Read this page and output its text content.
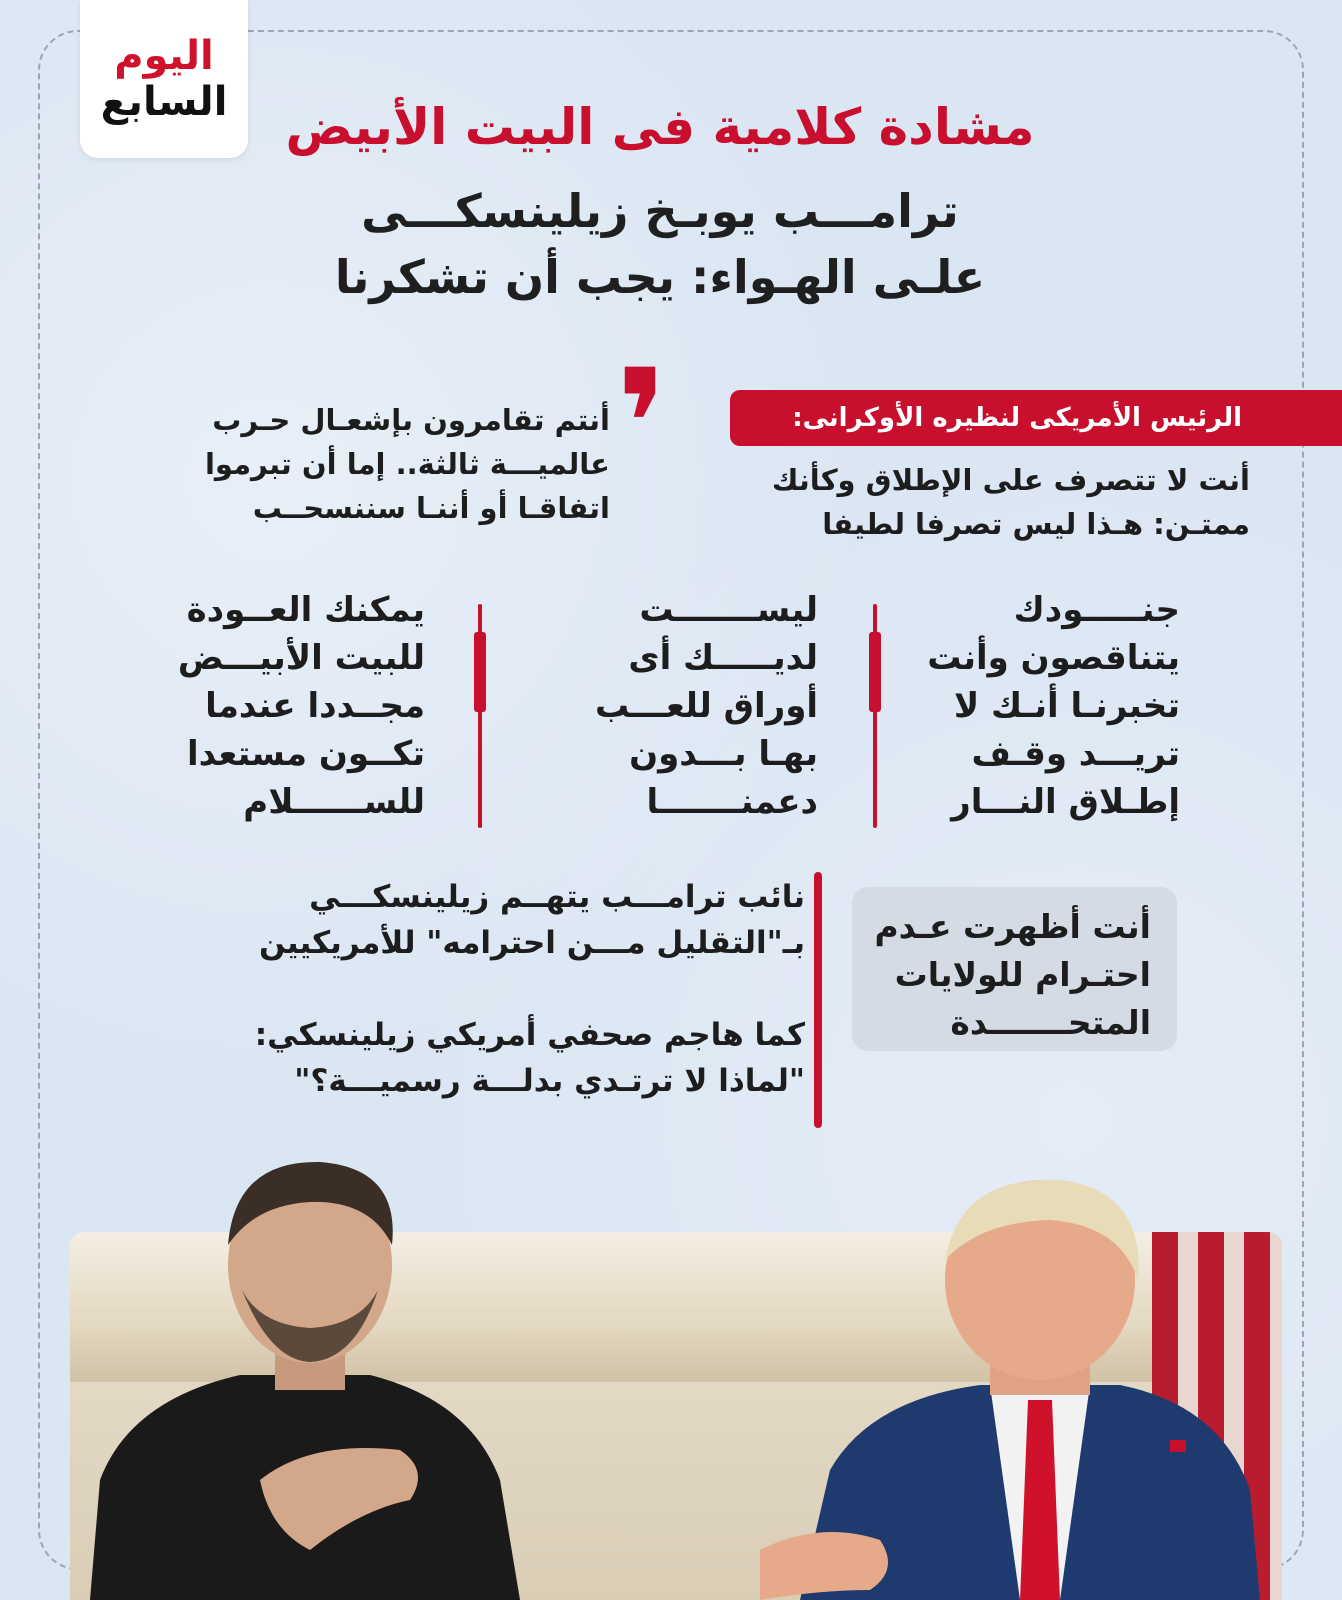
اليوم
السابع	مشادة كلامية فى البيت الأبيض
ترامـــب يوبـخ زيلينسكـــى
علـى الهـواء: يجب أن تشكرنا
الرئيس الأمريكى لنظيره الأوكرانى:
أنت لا تتصرف على الإطلاق وكأنك
ممتـن: هـذا ليس تصرفا لطيفا
❜
أنتم تقامرون بإشعـال حـرب
عالميـــة ثالثة.. إما أن تبرموا
اتفاقـا أو أننـا سننسحــب
جنـــــودك
يتناقصون وأنت
تخبرنـا أنـك لا
تريـــد وقـف
إطـلاق النـــار
ليســـــــت
لديـــــك أى
أوراق للعـــب
بهـا بـــدون
دعمنـــــــا
يمكنك العــودة
للبيت الأبيـــض
مجــددا عندما
تكــون مستعدا
للســــــلام
أنت أظهرت عـدم
احتـرام للولايات
المتحـــــــدة
نائب ترامـــب يتهــم زيلينسكـــي
بـ"التقليل مـــن احترامه" للأمريكيين
كما هاجم صحفي أمريكي زيلينسكي:
"لماذا لا ترتـدي بدلـــة رسميـــة؟"
